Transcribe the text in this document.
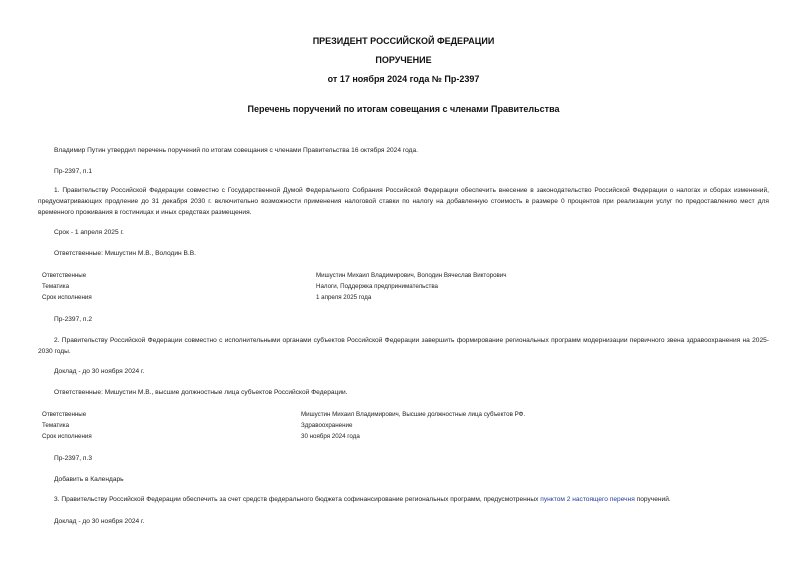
ПРЕЗИДЕНТ РОССИЙСКОЙ ФЕДЕРАЦИИ
ПОРУЧЕНИЕ
от 17 ноября 2024 года № Пр-2397
Перечень поручений по итогам совещания с членами Правительства
Владимир Путин утвердил перечень поручений по итогам совещания с членами Правительства 16 октября 2024 года.
Пр-2397, п.1
1. Правительству Российской Федерации совместно с Государственной Думой Федерального Собрания Российской Федерации обеспечить внесение в законодательство Российской Федерации о налогах и сборах изменений, предусматривающих продление до 31 декабря 2030 г. включительно возможности применения налоговой ставки по налогу на добавленную стоимость в размере 0 процентов при реализации услуг по предоставлению мест для временного проживания в гостиницах и иных средствах размещения.
Срок - 1 апреля 2025 г.
Ответственные: Мишустин М.В., Володин В.В.
Ответственные	Мишустин Михаил Владимирович, Володин Вячеслав Викторович
Тематика	Налоги, Поддержка предпринимательства
Срок исполнения	1 апреля 2025 года
Пр-2397, п.2
2. Правительству Российской Федерации совместно с исполнительными органами субъектов Российской Федерации завершить формирование региональных программ модернизации первичного звена здравоохранения на 2025-2030 годы.
Доклад - до 30 ноября 2024 г.
Ответственные: Мишустин М.В., высшие должностные лица субъектов Российской Федерации.
Ответственные	Мишустин Михаил Владимирович, Высшие должностные лица субъектов РФ.
Тематика	Здравоохранение
Срок исполнения	30 ноября 2024 года
Пр-2397, п.3
Добавить в Календарь
3. Правительству Российской Федерации обеспечить за счет средств федерального бюджета софинансирование региональных программ, предусмотренных пунктом 2 настоящего перечня поручений.
Доклад - до 30 ноября 2024 г.
